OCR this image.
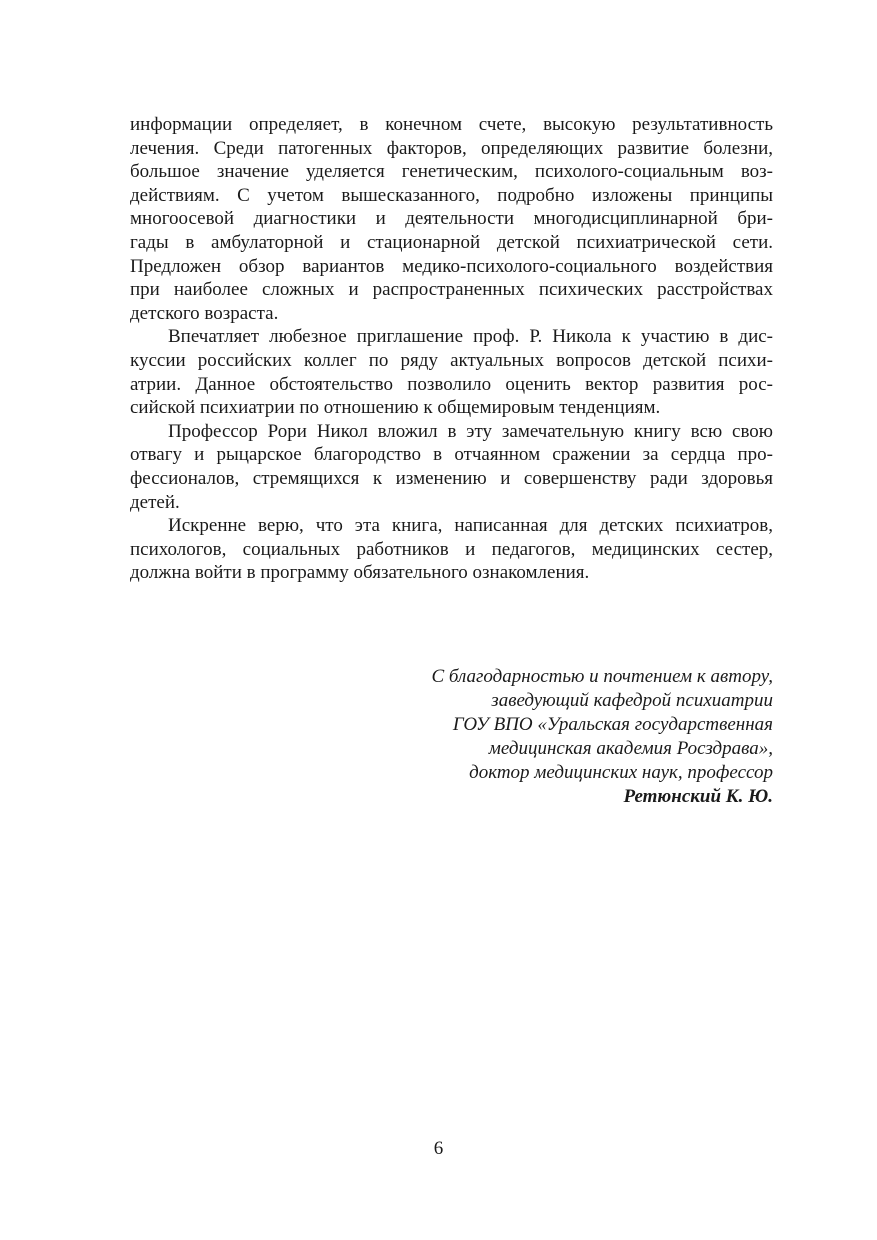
информации определяет, в конечном счете, высокую результативность
лечения. Среди патогенных факторов, определяющих развитие болезни,
большое значение уделяется генетическим, психолого-социальным воз-
действиям. С учетом вышесказанного, подробно изложены принципы
многоосевой диагностики и деятельности многодисциплинарной бри-
гады в амбулаторной и стационарной детской психиатрической сети.
Предложен обзор вариантов медико-психолого-социального воздействия
при наиболее сложных и распространенных психических расстройствах
детского возраста.
Впечатляет любезное приглашение проф. Р. Никола к участию в дис-
куссии российских коллег по ряду актуальных вопросов детской психи-
атрии. Данное обстоятельство позволило оценить вектор развития рос-
сийской психиатрии по отношению к общемировым тенденциям.
Профессор Рори Никол вложил в эту замечательную книгу всю свою
отвагу и рыцарское благородство в отчаянном сражении за сердца про-
фессионалов, стремящихся к изменению и совершенству ради здоровья
детей.
Искренне верю, что эта книга, написанная для детских психиатров,
психологов, социальных работников и педагогов, медицинских сестер,
должна войти в программу обязательного ознакомления.
С благодарностью и почтением к автору,
заведующий кафедрой психиатрии
ГОУ ВПО «Уральская государственная
медицинская академия Росздрава»,
доктор медицинских наук, профессор
Ретюнский К. Ю.
6
